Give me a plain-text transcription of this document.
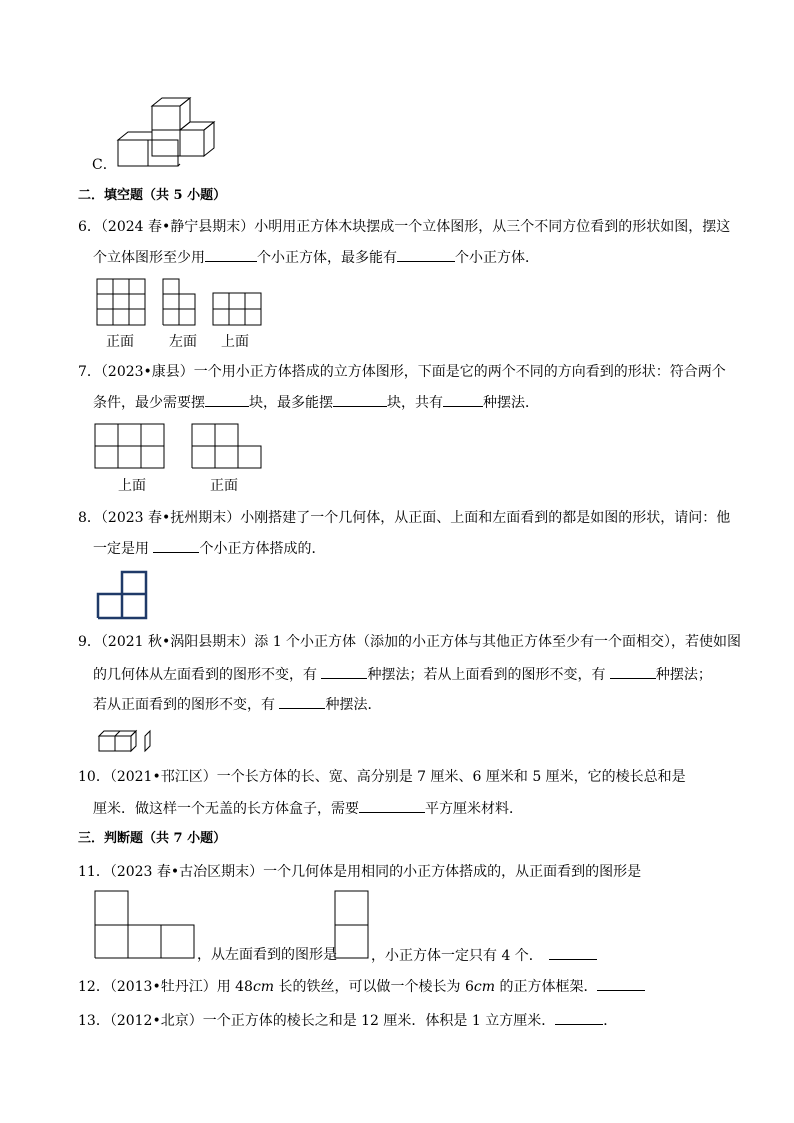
C．
二．填空题（共 5 小题）
6．（2024 春•静宁县期末）小明用正方体木块摆成一个立体图形，从三个不同方位看到的形状如图，摆这
个立体图形至少用	个小正方体，最多能有	个小正方体．
正面	左面 上面
7．（2023•康县）一个用小正方体搭成的立方体图形，下面是它的两个不同的方向看到的形状：符合两个
条件，最少需要摆	块，最多能摆	块，共有	种摆法．
上面	正面
8．（2023 春•抚州期末）小刚搭建了一个几何体，从正面、上面和左面看到的都是如图的形状，请问：他
一定是用	个小正方体搭成的．
9．（2021 秋•涡阳县期末）添 1 个小正方体（添加的小正方体与其他正方体至少有一个面相交），若使如图
的几何体从左面看到的图形不变，有	种摆法；若从上面看到的图形不变，有	种摆法；
若从正面看到的图形不变，有	种摆法．
10．（2021•邗江区）一个长方体的长、宽、高分别是 7 厘米、6 厘米和 5 厘米，它的棱长总和是
厘米．做这样一个无盖的长方体盒子，需要	平方厘米材料．
三．判断题（共 7 小题）
11．（2023 春•古冶区期末）一个几何体是用相同的小正方体搭成的，从正面看到的图形是
，从左面看到的图形是 ，小正方体一定只有 4 个．
12．（2013•牡丹江）用 48cm 长的铁丝，可以做一个棱长为 6cm 的正方体框架．
13．（2012•北京）一个正方体的棱长之和是 12 厘米．体积是 1 立方厘米．	．
